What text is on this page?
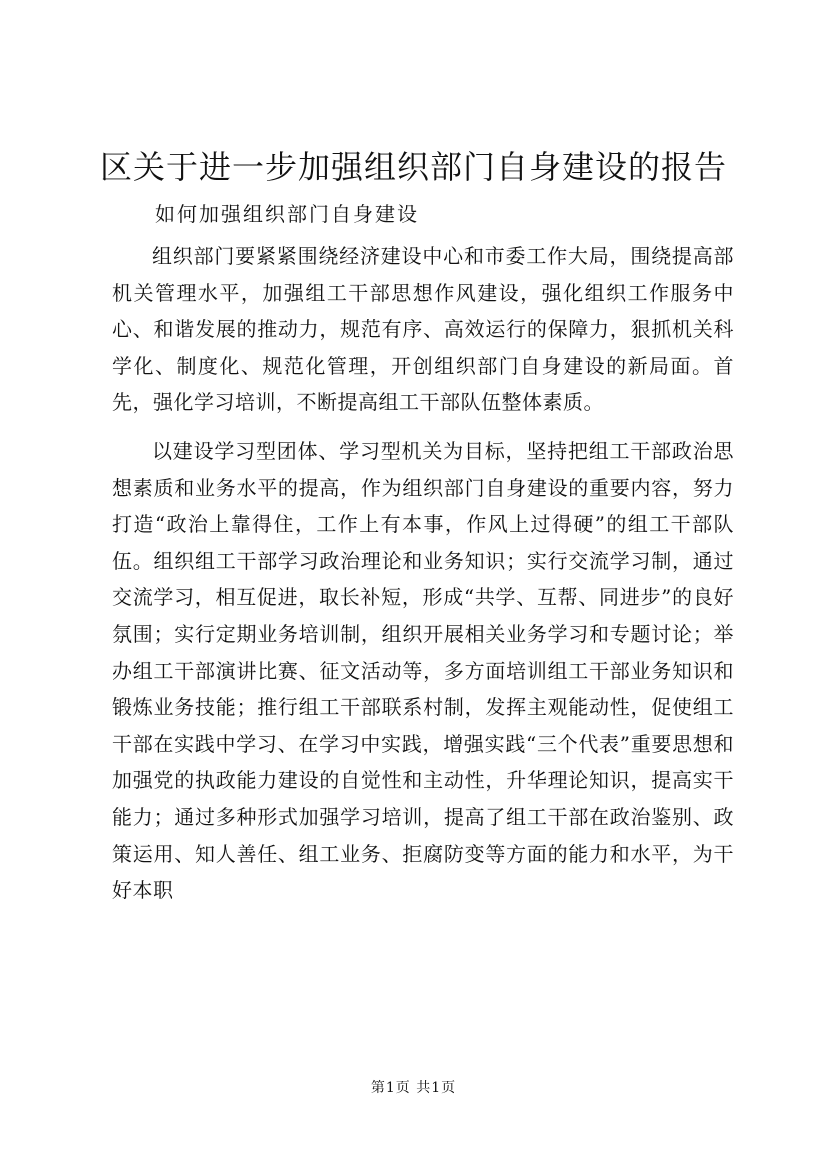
区关于进一步加强组织部门自身建设的报告
如何加强组织部门自身建设

组织部门要紧紧围绕经济建设中心和市委工作大局，围绕提高部机关管理水平，加强组工干部思想作风建设，强化组织工作服务中心、和谐发展的推动力，规范有序、高效运行的保障力，狠抓机关科学化、制度化、规范化管理，开创组织部门自身建设的新局面。首先，强化学习培训，不断提高组工干部队伍整体素质。

以建设学习型团体、学习型机关为目标，坚持把组工干部政治思想素质和业务水平的提高，作为组织部门自身建设的重要内容，努力打造“政治上靠得住，工作上有本事，作风上过得硬”的组工干部队伍。组织组工干部学习政治理论和业务知识；实行交流学习制，通过交流学习，相互促进，取长补短，形成“共学、互帮、同进步”的良好氛围；实行定期业务培训制，组织开展相关业务学习和专题讨论；举办组工干部演讲比赛、征文活动等，多方面培训组工干部业务知识和锻炼业务技能；推行组工干部联系村制，发挥主观能动性，促使组工干部在实践中学习、在学习中实践，增强实践“三个代表”重要思想和加强党的执政能力建设的自觉性和主动性，升华理论知识，提高实干能力；通过多种形式加强学习培训，提高了组工干部在政治鉴别、政策运用、知人善任、组工业务、拒腐防变等方面的能力和水平，为干好本职

第1页 共1页
